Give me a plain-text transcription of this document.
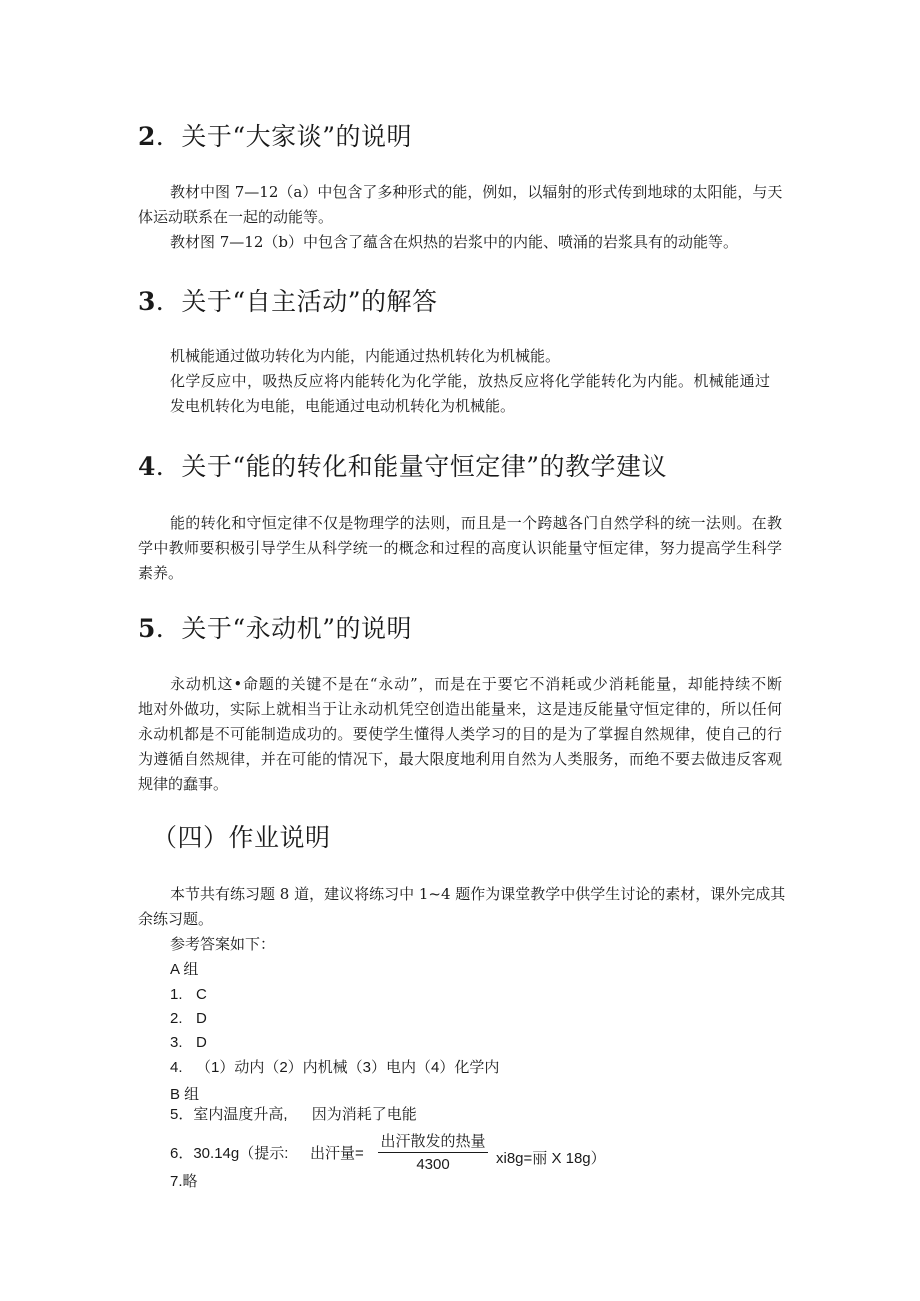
2．关于“大家谈”的说明
教材中图 7—12（a）中包含了多种形式的能，例如，以辐射的形式传到地球的太阳能，与天
体运动联系在一起的动能等。
教材图 7—12（b）中包含了蕴含在炽热的岩浆中的内能、喷涌的岩浆具有的动能等。
3．关于“自主活动”的解答
机械能通过做功转化为内能，内能通过热机转化为机械能。
化学反应中，吸热反应将内能转化为化学能，放热反应将化学能转化为内能。机械能通过
发电机转化为电能，电能通过电动机转化为机械能。
4．关于“能的转化和能量守恒定律”的教学建议
能的转化和守恒定律不仅是物理学的法则，而且是一个跨越各门自然学科的统一法则。在教
学中教师要积极引导学生从科学统一的概念和过程的高度认识能量守恒定律，努力提高学生科学
素养。
5．关于“永动机”的说明
永动机这•命题的关键不是在“永动”，而是在于要它不消耗或少消耗能量，却能持续不断
地对外做功，实际上就相当于让永动机凭空创造出能量来，这是违反能量守恒定律的，所以任何
永动机都是不可能制造成功的。要使学生懂得人类学习的目的是为了掌握自然规律，使自己的行
为遵循自然规律，并在可能的情况下，最大限度地利用自然为人类服务，而绝不要去做违反客观
规律的蠢事。
（四）作业说明
本节共有练习题 8 道，建议将练习中 1~4 题作为课堂教学中供学生讨论的素材，课外完成其
余练习题。
参考答案如下：
A 组
1. C
2. D
3. D
4. （1）动内（2）内机械（3）电内（4）化学内
B 组
5．室内温度升高, 因为消耗了电能
6．30.14g（提示: 出汗量=
出汗散发的热量
4300	xi8g=丽 X 18g）
7.略
